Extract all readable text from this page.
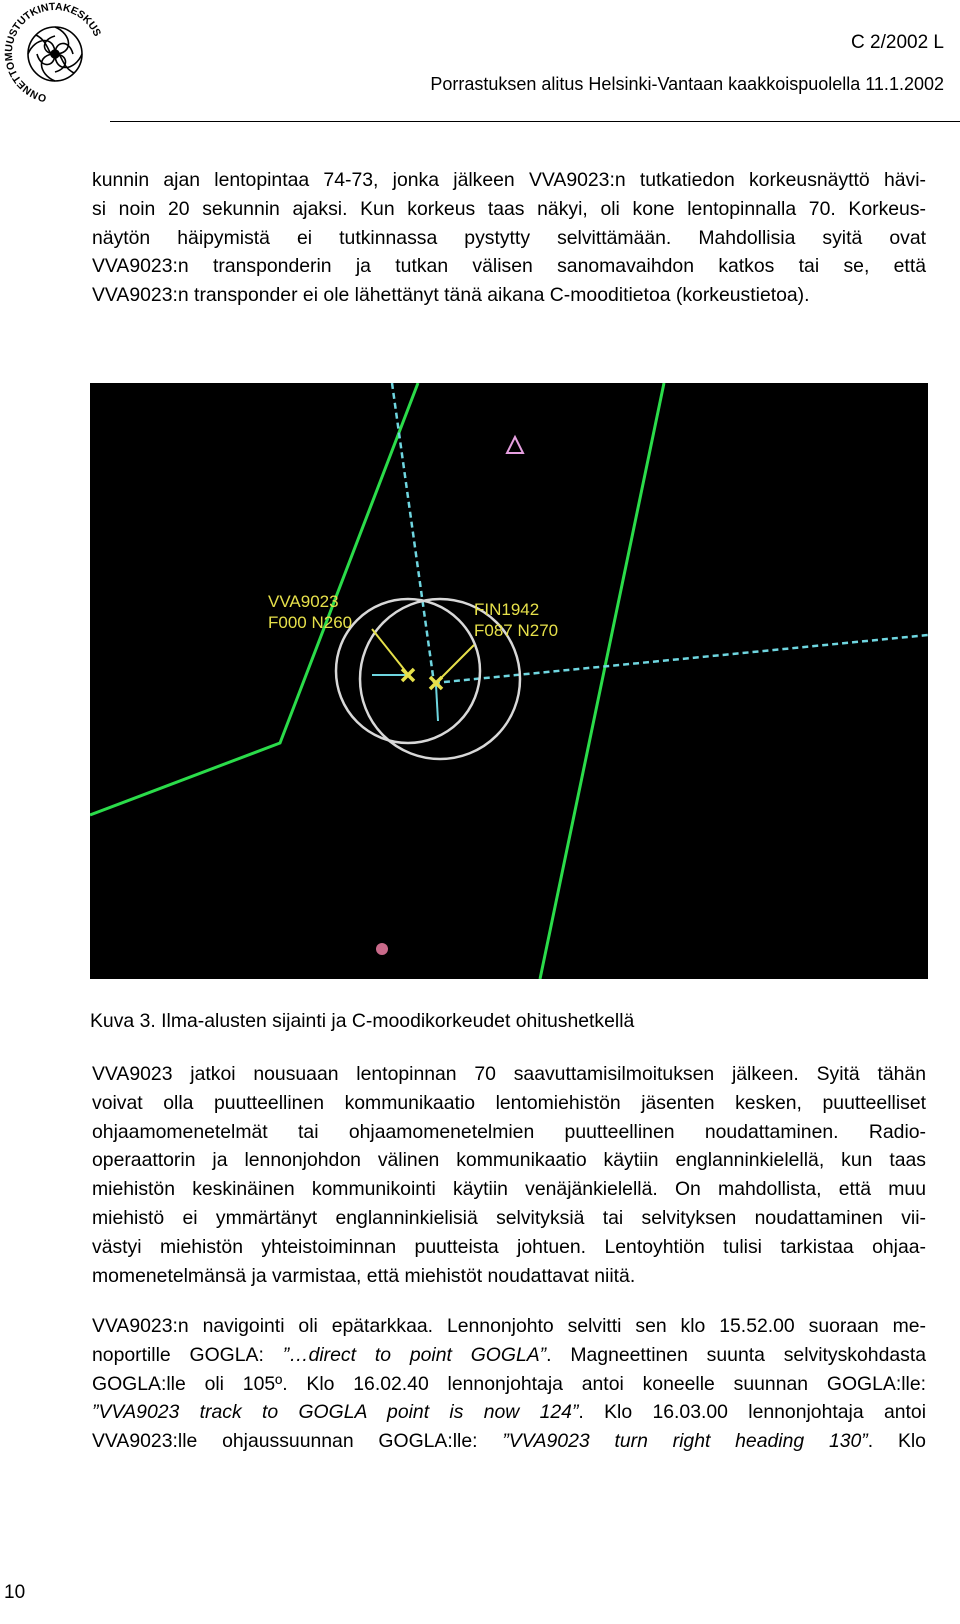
ONNETTOMUUSTUTKINTAKESKUS	C 2/2002 L
Porrastuksen alitus Helsinki-Vantaan kaakkoispuolella 11.1.2002
kunnin ajan lentopintaa 74-73, jonka jälkeen VVA9023:n tutkatiedon korkeusnäyttö hävi-
si noin 20 sekunnin ajaksi. Kun korkeus taas näkyi, oli kone lentopinnalla 70. Korkeus-
näytön häipymistä ei tutkinnassa pystytty selvittämään. Mahdollisia syitä ovat
VVA9023:n transponderin ja tutkan välisen sanomavaihdon katkos tai se, että
VVA9023:n transponder ei ole lähettänyt tänä aikana C-mooditietoa (korkeustietoa).
VVA9023
F000 N260
FIN1942
F087 N270
Kuva 3. Ilma-alusten sijainti ja C-moodikorkeudet ohitushetkellä
VVA9023 jatkoi nousuaan lentopinnan 70 saavuttamisilmoituksen jälkeen. Syitä tähän
voivat olla puutteellinen kommunikaatio lentomiehistön jäsenten kesken, puutteelliset
ohjaamomenetelmät tai ohjaamomenetelmien puutteellinen noudattaminen. Radio-
operaattorin ja lennonjohdon välinen kommunikaatio käytiin englanninkielellä, kun taas
miehistön keskinäinen kommunikointi käytiin venäjänkielellä. On mahdollista, että muu
miehistö ei ymmärtänyt englanninkielisiä selvityksiä tai selvityksen noudattaminen vii-
västyi miehistön yhteistoiminnan puutteista johtuen. Lentoyhtiön tulisi tarkistaa ohjaa-
momenetelmänsä ja varmistaa, että miehistöt noudattavat niitä.
VVA9023:n navigointi oli epätarkkaa. Lennonjohto selvitti sen klo 15.52.00 suoraan me-
noportille GOGLA: ”…direct to point GOGLA”. Magneettinen suunta selvityskohdasta
GOGLA:lle oli 105º. Klo 16.02.40 lennonjohtaja antoi koneelle suunnan GOGLA:lle:
”VVA9023 track to GOGLA point is now 124”. Klo 16.03.00 lennonjohtaja antoi
VVA9023:lle ohjaussuunnan GOGLA:lle: ”VVA9023 turn right heading 130”. Klo
10
